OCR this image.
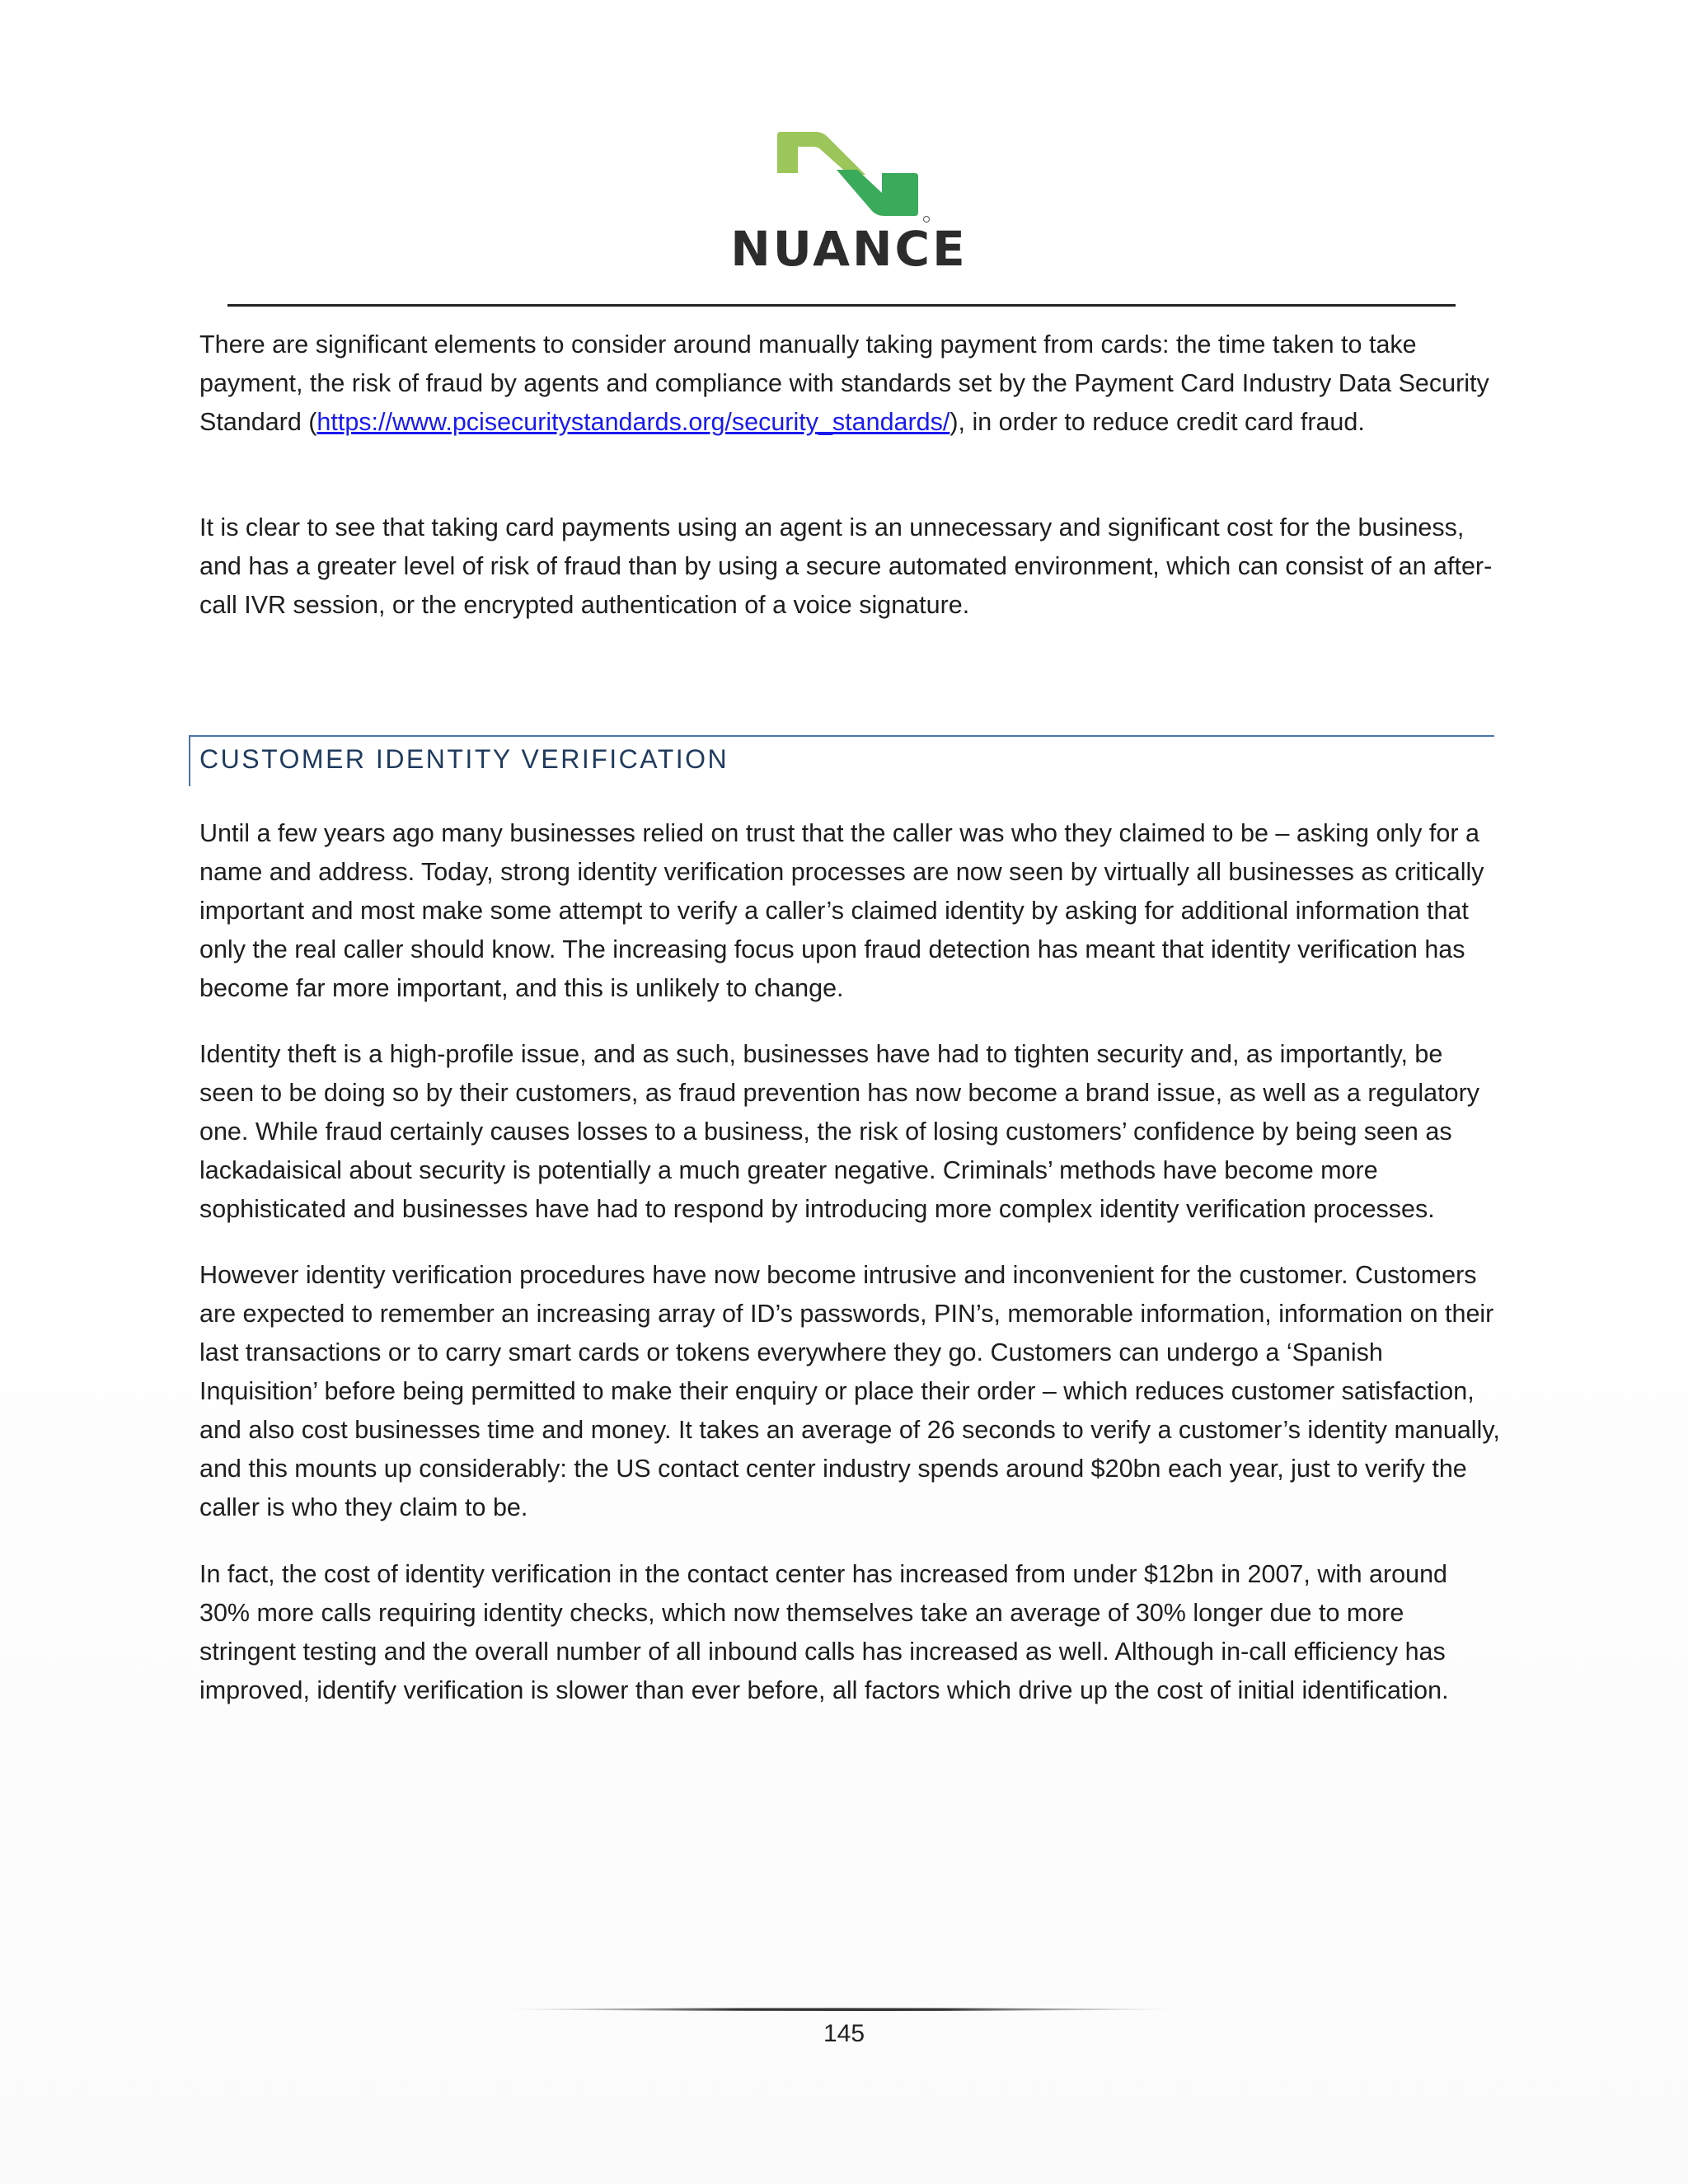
NUANCE

There are significant elements to consider around manually taking payment from cards: the time taken to take payment, the risk of fraud by agents and compliance with standards set by the Payment Card Industry Data Security Standard (https://www.pcisecuritystandards.org/security_standards/), in order to reduce credit card fraud.

It is clear to see that taking card payments using an agent is an unnecessary and significant cost for the business, and has a greater level of risk of fraud than by using a secure automated environment, which can consist of an after-call IVR session, or the encrypted authentication of a voice signature.

CUSTOMER IDENTITY VERIFICATION

Until a few years ago many businesses relied on trust that the caller was who they claimed to be – asking only for a name and address. Today, strong identity verification processes are now seen by virtually all businesses as critically important and most make some attempt to verify a caller’s claimed identity by asking for additional information that only the real caller should know. The increasing focus upon fraud detection has meant that identity verification has become far more important, and this is unlikely to change.

Identity theft is a high-profile issue, and as such, businesses have had to tighten security and, as importantly, be seen to be doing so by their customers, as fraud prevention has now become a brand issue, as well as a regulatory one. While fraud certainly causes losses to a business, the risk of losing customers’ confidence by being seen as lackadaisical about security is potentially a much greater negative. Criminals’ methods have become more sophisticated and businesses have had to respond by introducing more complex identity verification processes.

However identity verification procedures have now become intrusive and inconvenient for the customer. Customers are expected to remember an increasing array of ID’s passwords, PIN’s, memorable information, information on their last transactions or to carry smart cards or tokens everywhere they go. Customers can undergo a ‘Spanish Inquisition’ before being permitted to make their enquiry or place their order – which reduces customer satisfaction, and also cost businesses time and money. It takes an average of 26 seconds to verify a customer’s identity manually, and this mounts up considerably: the US contact center industry spends around $20bn each year, just to verify the caller is who they claim to be.

In fact, the cost of identity verification in the contact center has increased from under $12bn in 2007, with around 30% more calls requiring identity checks, which now themselves take an average of 30% longer due to more stringent testing and the overall number of all inbound calls has increased as well. Although in-call efficiency has improved, identify verification is slower than ever before, all factors which drive up the cost of initial identification.

145
